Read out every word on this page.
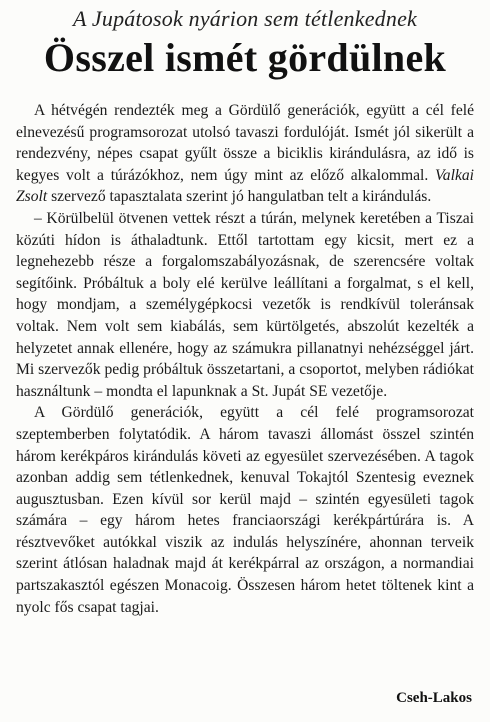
A Jupátosok nyárion sem tétlenkednek
Összel ismét gördülnek

A hétvégén rendezték meg a Gördülő generációk, együtt a cél felé elnevezésű programsorozat utolsó tavaszi fordulóját. Ismét jól sikerült a rendezvény, népes csapat gyűlt össze a biciklis kirándulásra, az idő is kegyes volt a túrázókhoz, nem úgy mint az előző alkalommal. Valkai Zsolt szervező tapasztalata szerint jó hangulatban telt a kirándulás.

– Körülbelül ötvenen vettek részt a túrán, melynek keretében a Tiszai közúti hídon is áthaladtunk. Ettől tartottam egy kicsit, mert ez a legnehezebb része a forgalomszabályozásnak, de szerencsére voltak segítőink. Próbáltuk a boly elé kerülve leállítani a forgalmat, s el kell, hogy mondjam, a személygépkocsi vezetők is rendkívül toleránsak voltak. Nem volt sem kiabálás, sem kürtölgetés, abszolút kezelték a helyzetet annak ellenére, hogy az számukra pillanatnyi nehézséggel járt. Mi szervezők pedig próbáltuk összetartani, a csoportot, melyben rádiókat használtunk – mondta el lapunknak a St. Jupát SE vezetője.

A Gördülő generációk, együtt a cél felé programsorozat szeptemberben folytatódik. A három tavaszi állomást összel szintén három kerékpáros kirándulás követi az egyesület szervezésében. A tagok azonban addig sem tétlenkednek, kenuval Tokajtól Szentesig eveznek augusztusban. Ezen kívül sor kerül majd – szintén egyesületi tagok számára – egy három hetes franciaországi kerékpártúrára is. A résztvevőket autókkal viszik az indulás helyszínére, ahonnan terveik szerint átlósan haladnak majd át kerékpárral az országon, a normandiai partszakasztól egészen Monacoig. Összesen három hetet töltenek kint a nyolc fős csapat tagjai.

Cseh-Lakos
